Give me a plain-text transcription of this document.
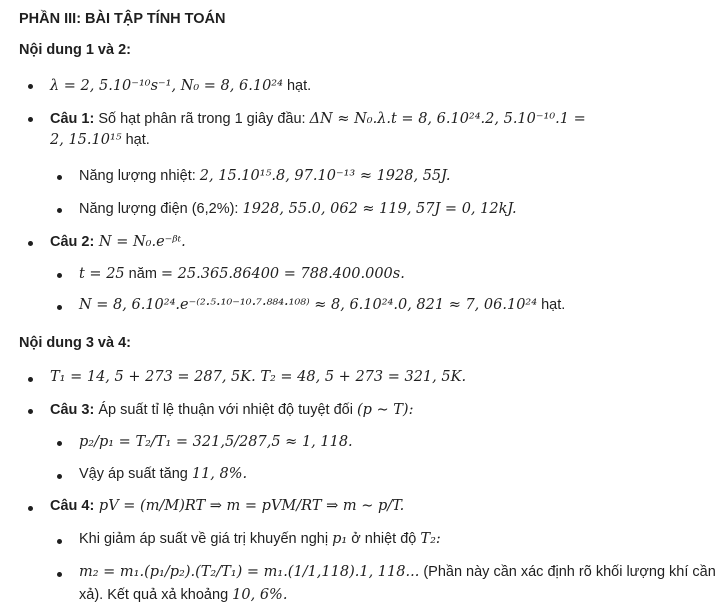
PHẦN III: BÀI TẬP TÍNH TOÁN
Nội dung 1 và 2:
λ = 2, 5.10⁻¹⁰s⁻¹, N₀ = 8, 6.10²⁴ hạt.
Câu 1: Số hạt phân rã trong 1 giây đầu: ΔN ≈ N₀.λ.t = 8, 6.10²⁴.2, 5.10⁻¹⁰.1 =
2, 15.10¹⁵ hạt.
Năng lượng nhiệt: 2, 15.10¹⁵.8, 97.10⁻¹³ ≈ 1928, 55J.
Năng lượng điện (6,2%): 1928, 55.0, 062 ≈ 119, 57J = 0, 12kJ.
Câu 2: N = N₀.e⁻ᵝᵗ.
t = 25 năm = 25.365.86400 = 788.400.000s.
N = 8, 6.10²⁴.e⁻⁽²·⁵·¹⁰⁻¹⁰·⁷·⁸⁸⁴·¹⁰⁸⁾ ≈ 8, 6.10²⁴.0, 821 ≈ 7, 06.10²⁴ hạt.
Nội dung 3 và 4:
T₁ = 14, 5 + 273 = 287, 5K. T₂ = 48, 5 + 273 = 321, 5K.
Câu 3: Áp suất tỉ lệ thuận với nhiệt độ tuyệt đối (p ∼ T):
p₂/p₁ = T₂/T₁ = 321,5/287,5 ≈ 1, 118.
Vậy áp suất tăng 11, 8%.
Câu 4: pV = (m/M)RT ⇒ m = pVM/RT ⇒ m ∼ p/T.
Khi giảm áp suất về giá trị khuyến nghị p₁ ở nhiệt độ T₂:
m₂ = m₁.(p₁/p₂).(T₂/T₁) = m₁.(1/1,118).1, 118... (Phần này cần xác định rõ khối lượng khí cần
xả). Kết quả xả khoảng 10, 6%.
